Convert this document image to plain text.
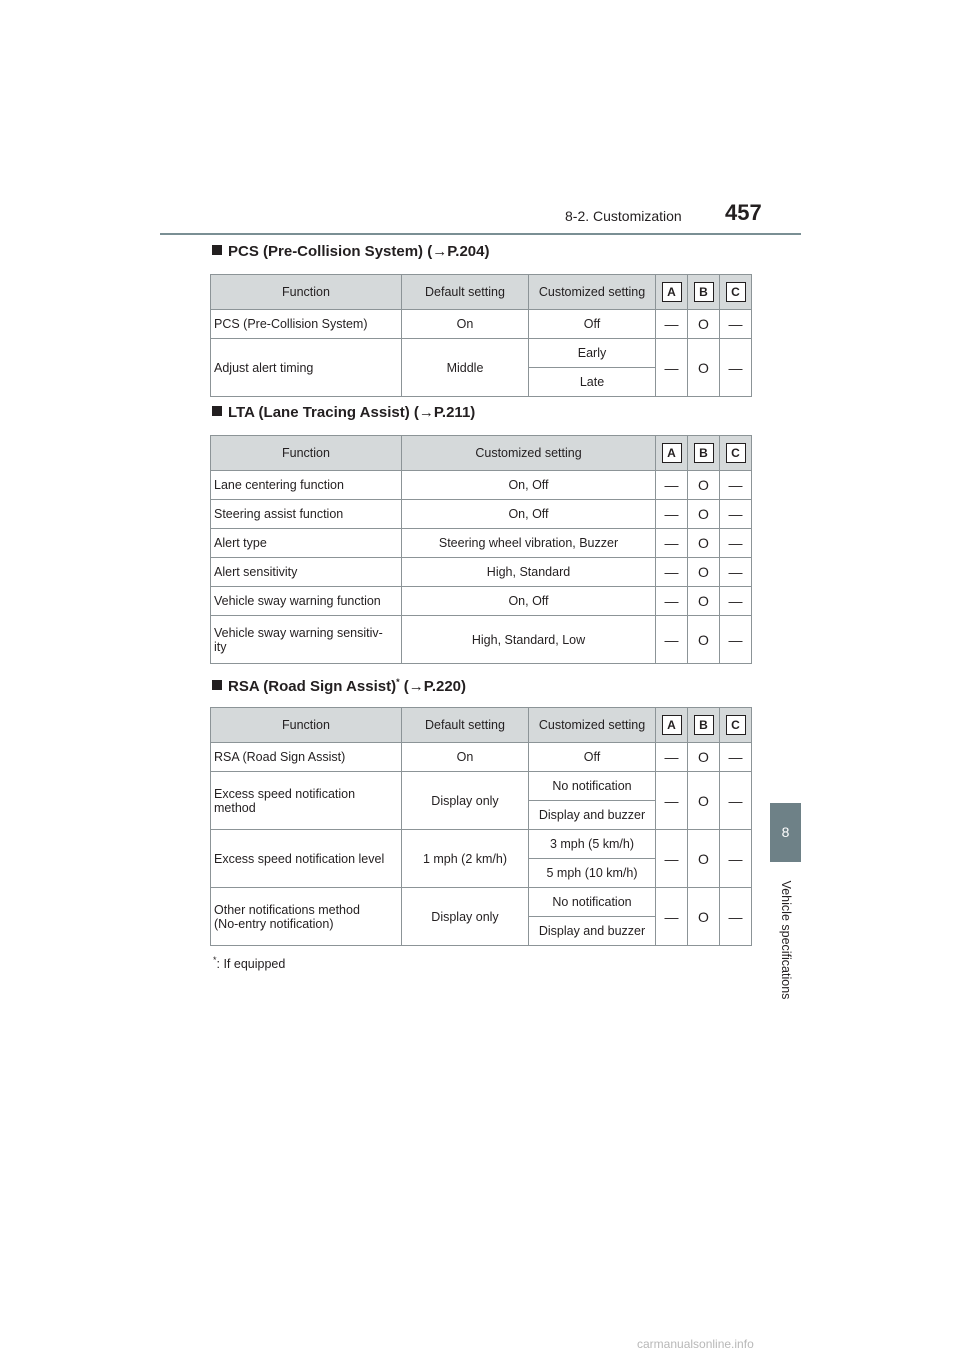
8-2. Customization 457
8
Vehicle specifications
PCS (Pre-Collision System) (→P.204)
Function	Default setting	Customized setting	A	B	C
PCS (Pre-Collision System)	On	Off	—	O	—
Adjust alert timing	Middle	Early	—	O	—
		Late			
LTA (Lane Tracing Assist) (→P.211)
Function	Customized setting	A	B	C
Lane centering function	On, Off	—	O	—
Steering assist function	On, Off	—	O	—
Alert type	Steering wheel vibration, Buzzer	—	O	—
Alert sensitivity	High, Standard	—	O	—
Vehicle sway warning function	On, Off	—	O	—
Vehicle sway warning sensitiv-
ity	High, Standard, Low	—	O	—
RSA (Road Sign Assist)* (→P.220)
Function	Default setting	Customized setting	A	B	C
RSA (Road Sign Assist)	On	Off	—	O	—
Excess speed notification
method	Display only	No notification	—	O	—
		Display and buzzer			
Excess speed notification level	1 mph (2 km/h)	3 mph (5 km/h)	—	O	—
		5 mph (10 km/h)			
Other notifications method
(No-entry notification)	Display only	No notification	—	O	—
		Display and buzzer			
*: If equipped
carmanualsonline.info
